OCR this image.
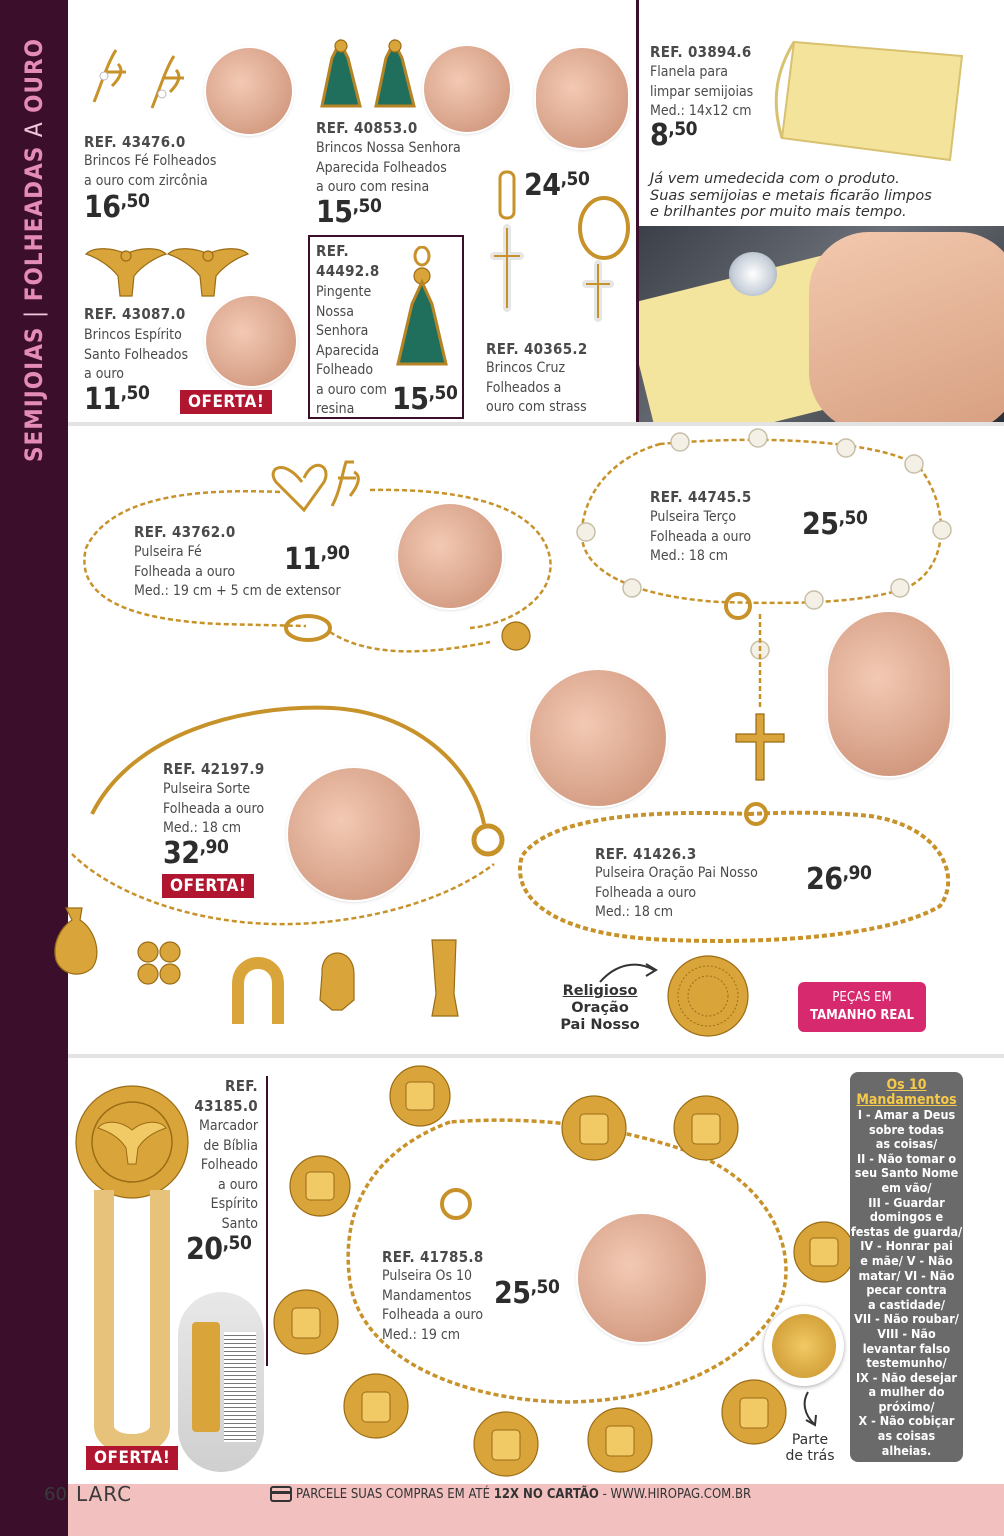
SEMIJOIAS | FOLHEADAS A OURO
REF. 43476.0
Brincos Fé Folheados
a ouro com zircônia
$16^{,50}$
REF. 40853.0
Brincos Nossa Senhora
Aparecida Folheados
a ouro com resina
$15^{,50}$
REF.
44492.8
Pingente
Nossa
Senhora
Aparecida
Folheado
a ouro com
resina	$15^{,50}$
REF. 43087.0
Brincos Espírito
Santo Folheados
a ouro
$11^{,50}$	OFERTA!
$24^{,50}$
REF. 40365.2
Brincos Cruz
Folheados a
ouro com strass
REF. 03894.6
Flanela para
limpar semijoias
Med.: 14x12 cm
$8^{,50}$
Já vem umedecida com o produto.
Suas semijoias e metais ficarão limpos
e brilhantes por muito mais tempo.
REF. 43762.0
Pulseira Fé
Folheada a ouro
Med.: 19 cm + 5 cm de extensor
$11^{,90}$
REF. 44745.5
Pulseira Terço
Folheada a ouro
Med.: 18 cm
$25^{,50}$
REF. 42197.9
Pulseira Sorte
Folheada a ouro
Med.: 18 cm
$32^{,90}$
OFERTA!
REF. 41426.3
Pulseira Oração Pai Nosso
Folheada a ouro
Med.: 18 cm
$26^{,90}$
Religioso
Oração
Pai Nosso
PEÇAS EM
TAMANHO REAL
REF.
43185.0
Marcador
de Bíblia
Folheado
a ouro
Espírito
Santo
$20^{,50}$
OFERTA!
REF. 41785.8
Pulseira Os 10
Mandamentos
Folheada a ouro
Med.: 19 cm
$25^{,50}$
Parte
de trás
Os 10
Mandamentos
I - Amar a Deus
sobre todas
as coisas/
II - Não tomar o
seu Santo Nome
em vão/
III - Guardar
domingos e
festas de guarda/
IV - Honrar pai
e mãe/ V - Não
matar/ VI - Não
pecar contra
a castidade/
VII - Não roubar/
VIII - Não
levantar falso
testemunho/
IX - Não desejar
a mulher do
próximo/
X - Não cobiçar
as coisas
alheias.
60 LARC	PARCELE SUAS COMPRAS EM ATÉ 12X NO CARTÃO - WWW.HIROPAG.COM.BR
